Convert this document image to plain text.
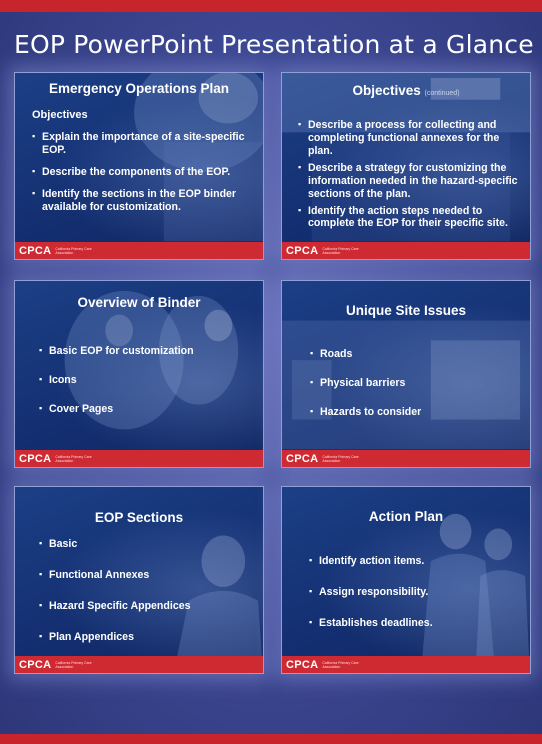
EOP PowerPoint Presentation at a Glance
Emergency Operations Plan
Objectives
▪ Explain the importance of a site-specific EOP.
▪ Describe the components of the EOP.
▪ Identify the sections in the EOP binder available for customization.
CPCA California Primary Care Association
Objectives (continued)
▪ Describe a process for collecting and completing functional annexes for the plan.
▪ Describe a strategy for customizing the information needed in the hazard-specific sections of the plan.
▪ Identify the action steps needed to complete the EOP for their specific site.
CPCA California Primary Care Association
Overview of Binder
▪ Basic EOP for customization
▪ Icons
▪ Cover Pages
CPCA California Primary Care Association
Unique Site Issues
▪ Roads
▪ Physical barriers
▪ Hazards to consider
CPCA California Primary Care Association
EOP Sections
▪ Basic
▪ Functional Annexes
▪ Hazard Specific Appendices
▪ Plan Appendices
CPCA California Primary Care Association
Action Plan
▪ Identify action items.
▪ Assign responsibility.
▪ Establishes deadlines.
CPCA California Primary Care Association
